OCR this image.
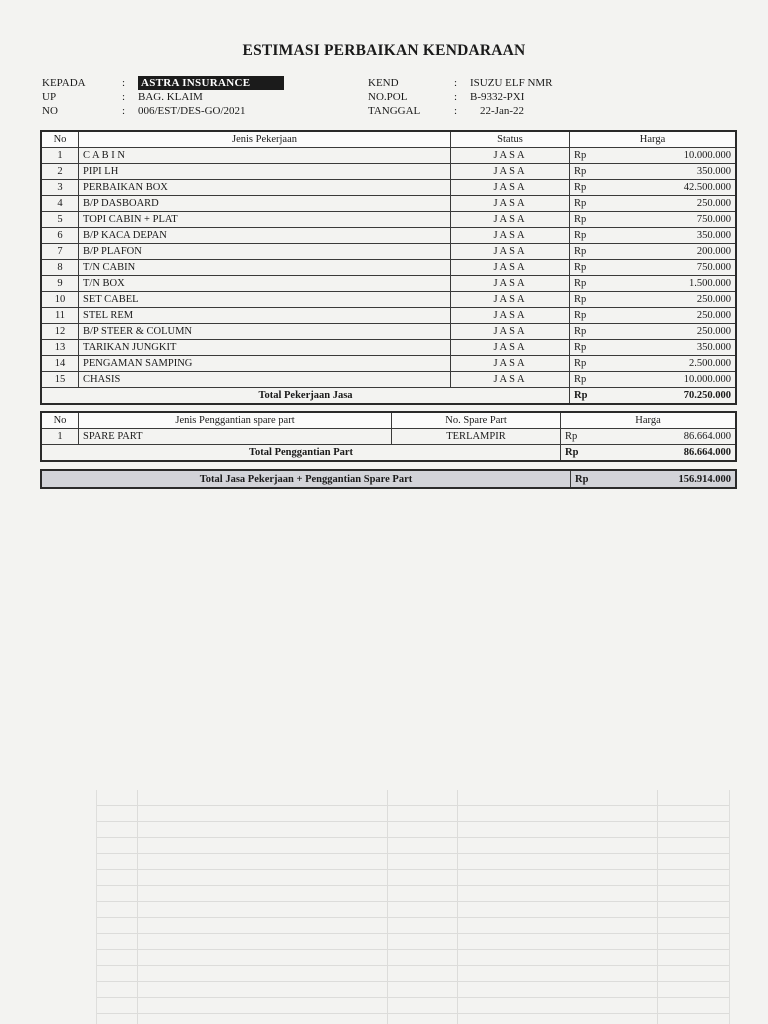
ESTIMASI PERBAIKAN KENDARAAN
KEPADA	:	ASTRA INSURANCE
UP	:	BAG. KLAIM
NO	:	006/EST/DES-GO/2021
KEND	:	ISUZU ELF NMR
NO.POL	:	B-9332-PXI
TANGGAL	:	22-Jan-22
No	Jenis Pekerjaan	Status	Harga	
1	C A B I N	JASA	Rp	10.000.000
2	PIPI LH	JASA	Rp	350.000
3	PERBAIKAN BOX	JASA	Rp	42.500.000
4	B/P DASBOARD	JASA	Rp	250.000
5	TOPI CABIN + PLAT	JASA	Rp	750.000
6	B/P KACA DEPAN	JASA	Rp	350.000
7	B/P PLAFON	JASA	Rp	200.000
8	T/N CABIN	JASA	Rp	750.000
9	T/N BOX	JASA	Rp	1.500.000
10	SET CABEL	JASA	Rp	250.000
11	STEL REM	JASA	Rp	250.000
12	B/P STEER & COLUMN	JASA	Rp	250.000
13	TARIKAN JUNGKIT	JASA	Rp	350.000
14	PENGAMAN SAMPING	JASA	Rp	2.500.000
15	CHASIS	JASA	Rp	10.000.000
Total Pekerjaan Jasa			Rp	70.250.000
No	Jenis Penggantian spare part	No. Spare Part	Harga	
1	SPARE PART	TERLAMPIR	Rp	86.664.000
Total Penggantian Part			Rp	86.664.000
Total Jasa Pekerjaan + Penggantian Spare Part	Rp	156.914.000
